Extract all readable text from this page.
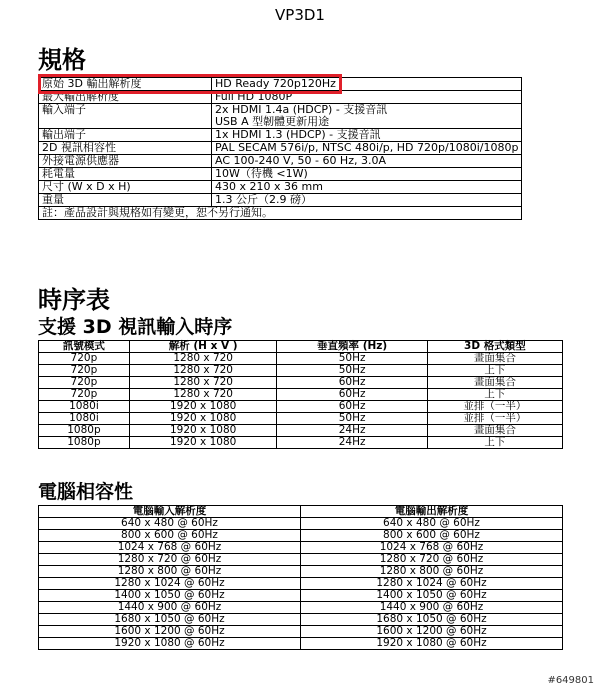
VP3D1
規格
原始 3D 輸出解析度	HD Ready 720p120Hz

最大輸出解析度	Full HD 1080P

輸入端子	2x HDMI 1.4a (HDCP) - 支援音訊
USB A 型韌體更新用途

輸出端子	1x HDMI 1.3 (HDCP) - 支援音訊

2D 視訊相容性	PAL SECAM 576i/p, NTSC 480i/p, HD 720p/1080i/1080p

外接電源供應器	AC 100-240 V, 50 - 60 Hz, 3.0A

耗電量	10W（待機 <1W)

尺寸 (W x D x H)	430 x 210 x 36 mm

重量	1.3 公斤（2.9 磅）

註：產品設計與規格如有變更，恕不另行通知。	
時序表
支援 3D 視訊輸入時序
訊號模式	解析 (H x V )	垂直頻率 (Hz)	3D 格式類型
720p	1280 x 720	50Hz	畫面集合
720p	1280 x 720	50Hz	上下
720p	1280 x 720	60Hz	畫面集合
720p	1280 x 720	60Hz	上下
1080i	1920 x 1080	60Hz	並排（一半）
1080i	1920 x 1080	50Hz	並排（一半）
1080p	1920 x 1080	24Hz	畫面集合
1080p	1920 x 1080	24Hz	上下
電腦相容性
電腦輸入解析度	電腦輸出解析度
640 x 480 @ 60Hz	640 x 480 @ 60Hz
800 x 600 @ 60Hz	800 x 600 @ 60Hz
1024 x 768 @ 60Hz	1024 x 768 @ 60Hz
1280 x 720 @ 60Hz	1280 x 720 @ 60Hz
1280 x 800 @ 60Hz	1280 x 800 @ 60Hz
1280 x 1024 @ 60Hz	1280 x 1024 @ 60Hz
1400 x 1050 @ 60Hz	1400 x 1050 @ 60Hz
1440 x 900 @ 60Hz	1440 x 900 @ 60Hz
1680 x 1050 @ 60Hz	1680 x 1050 @ 60Hz
1600 x 1200 @ 60Hz	1600 x 1200 @ 60Hz
1920 x 1080 @ 60Hz	1920 x 1080 @ 60Hz
#649801
